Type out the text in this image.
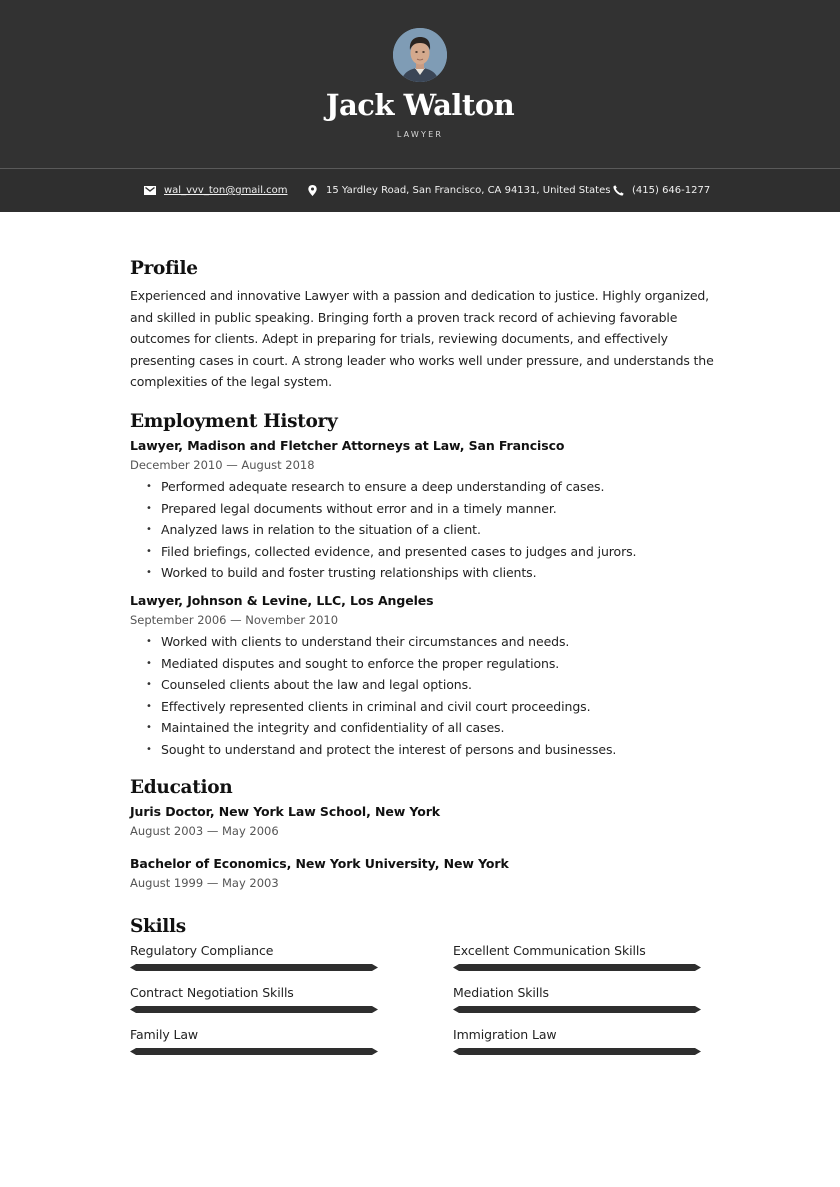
Jack Walton
LAWYER
wal_vvv_ton@gmail.com	15 Yardley Road, San Francisco, CA 94131, United States (415) 646-1277
Profile

Experienced and innovative Lawyer with a passion and dedication to justice. Highly organized, and skilled in public speaking. Bringing forth a proven track record of achieving favorable outcomes for clients. Adept in preparing for trials, reviewing documents, and effectively presenting cases in court. A strong leader who works well under pressure, and understands the complexities of the legal system.

Employment History
Lawyer, Madison and Fletcher Attorneys at Law, San Francisco
December 2010 — August 2018
• Performed adequate research to ensure a deep understanding of cases.
• Prepared legal documents without error and in a timely manner.
• Analyzed laws in relation to the situation of a client.
• Filed briefings, collected evidence, and presented cases to judges and jurors.
• Worked to build and foster trusting relationships with clients.
Lawyer, Johnson & Levine, LLC, Los Angeles
September 2006 — November 2010
• Worked with clients to understand their circumstances and needs.
• Mediated disputes and sought to enforce the proper regulations.
• Counseled clients about the law and legal options.
• Effectively represented clients in criminal and civil court proceedings.
• Maintained the integrity and confidentiality of all cases.
• Sought to understand and protect the interest of persons and businesses.
Education
Juris Doctor, New York Law School, New York
August 2003 — May 2006
Bachelor of Economics, New York University, New York
August 1999 — May 2003
Skills
Regulatory Compliance	Excellent Communication Skills
Contract Negotiation Skills	Mediation Skills
Family Law	Immigration Law
